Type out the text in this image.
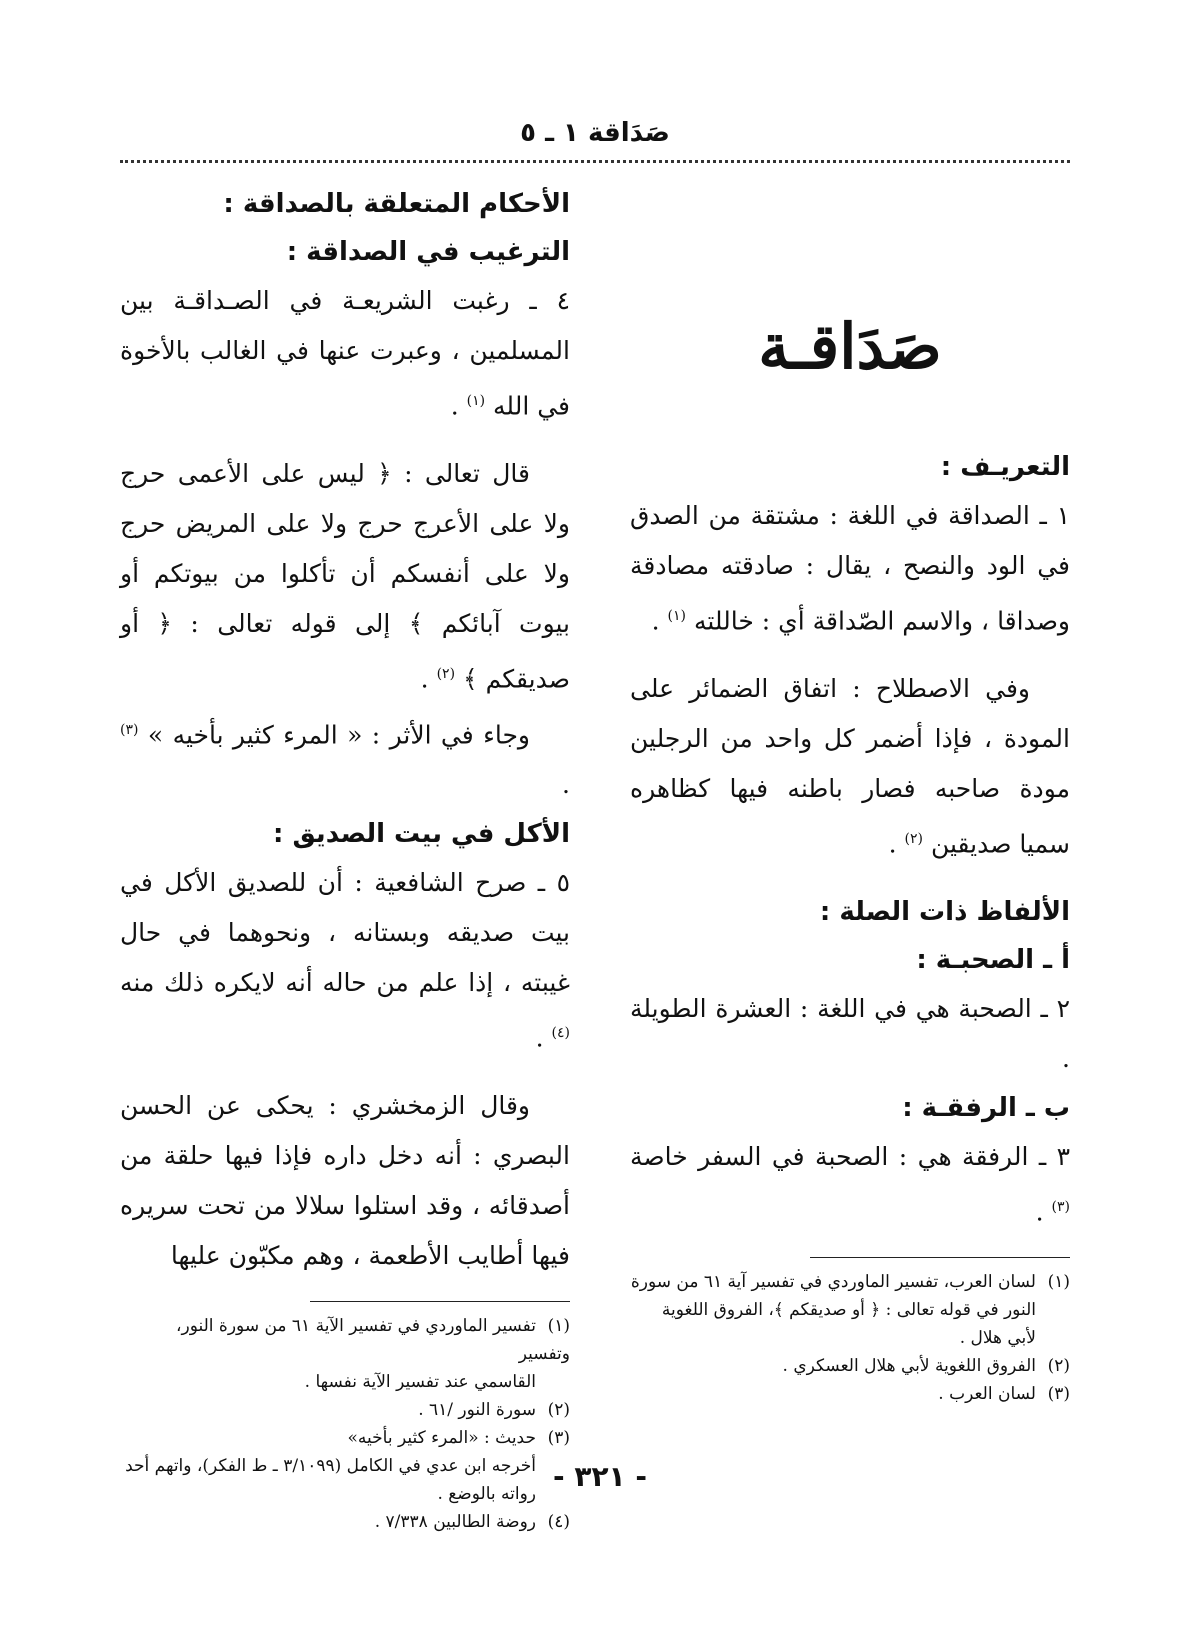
صَدَاقة ١ ـ ٥
صَدَاقـة
التعريـف :

١ ـ الصداقة في اللغة : مشتقة من الصدق في الود والنصح ، يقال : صادقته مصادقة وصداقا ، والاسم الصّداقة أي : خاللته $^{(١)}$ .

وفي الاصطلاح : اتفاق الضمائر على المودة ، فإذا أضمر كل واحد من الرجلين مودة صاحبه فصار باطنه فيها كظاهره سميا صديقين $^{(٢)}$ .

الألفاظ ذات الصلة :
أ ـ الصحبـة :

٢ ـ الصحبة هي في اللغة : العشرة الطويلة .

ب ـ الرفقـة :

٣ ـ الرفقة هي : الصحبة في السفر خاصة $^{(٣)}$ .

(١)لسان العرب، تفسير الماوردي في تفسير آية ٦١ من سورة
النور في قوله تعالى : ﴿ أو صديقكم ﴾، الفروق اللغوية لأبي هلال .
(٢)الفروق اللغوية لأبي هلال العسكري .
(٣)لسان العرب .
الأحكام المتعلقة بالصداقة :
الترغيب في الصداقة :

٤ ـ رغبت الشريعـة في الصـداقـة بين المسلمين ، وعبرت عنها في الغالب بالأخوة في الله $^{(١)}$ .

قال تعالى : ﴿ ليس على الأعمى حرج ولا على الأعرج حرج ولا على المريض حرج ولا على أنفسكم أن تأكلوا من بيوتكم أو بيوت آبائكم ﴾ إلى قوله تعالى : ﴿ أو صديقكم ﴾ $^{(٢)}$ .

وجاء في الأثر : « المرء كثير بأخيه » $^{(٣)}$ .

الأكل في بيت الصديق :

٥ ـ صرح الشافعية : أن للصديق الأكل في بيت صديقه وبستانه ، ونحوهما في حال غيبته ، إذا علم من حاله أنه لايكره ذلك منه $^{(٤)}$ .

وقال الزمخشري : يحكى عن الحسن البصري : أنه دخل داره فإذا فيها حلقة من أصدقائه ، وقد استلوا سلالا من تحت سريره فيها أطايب الأطعمة ، وهم مكبّون عليها

(١)تفسير الماوردي في تفسير الآية ٦١ من سورة النور، وتفسير
القاسمي عند تفسير الآية نفسها .
(٢)سورة النور /٦١ .
(٣)حديث : «المرء كثير بأخيه»
أخرجه ابن عدي في الكامل (٣/١٠٩٩ ـ ط الفكر)، واتهم أحد رواته بالوضع .
(٤)روضة الطالبين ٧/٣٣٨ .
- ٣٢١ -
